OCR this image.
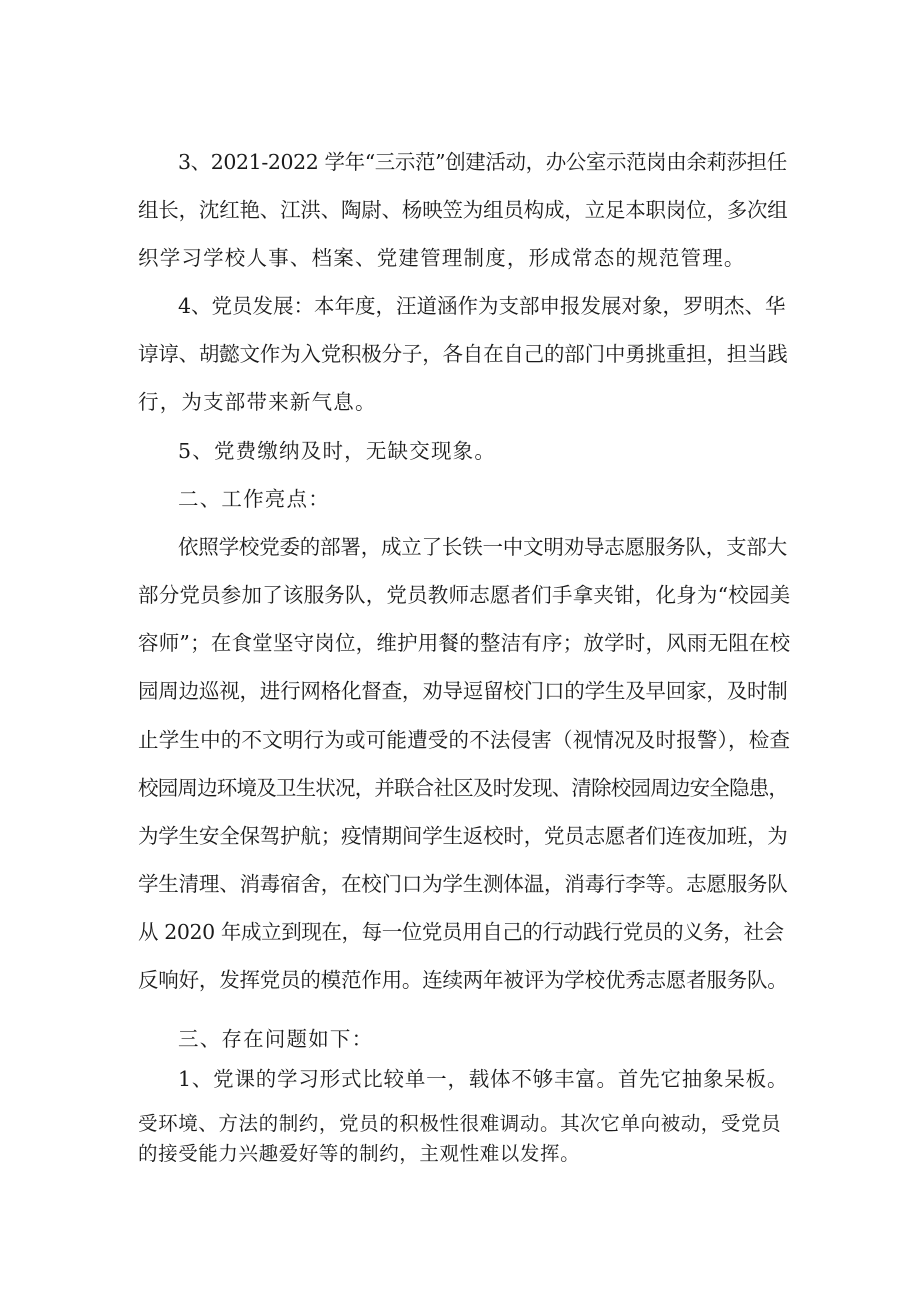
3、2021-2022 学年“三示范”创建活动，办公室示范岗由余莉莎担任
组长，沈红艳、江洪、陶尉、杨映笠为组员构成，立足本职岗位，多次组
织学习学校人事、档案、党建管理制度，形成常态的规范管理。
4、党员发展：本年度，汪道涵作为支部申报发展对象，罗明杰、华
谆谆、胡懿文作为入党积极分子，各自在自己的部门中勇挑重担，担当践
行，为支部带来新气息。
5、党费缴纳及时，无缺交现象。
二、工作亮点：
依照学校党委的部署，成立了长铁一中文明劝导志愿服务队，支部大
部分党员参加了该服务队，党员教师志愿者们手拿夹钳，化身为“校园美
容师”；在食堂坚守岗位，维护用餐的整洁有序；放学时，风雨无阻在校
园周边巡视，进行网格化督查，劝导逗留校门口的学生及早回家，及时制
止学生中的不文明行为或可能遭受的不法侵害（视情况及时报警），检查
校园周边环境及卫生状况，并联合社区及时发现、清除校园周边安全隐患，
为学生安全保驾护航；疫情期间学生返校时，党员志愿者们连夜加班，为
学生清理、消毒宿舍，在校门口为学生测体温，消毒行李等。志愿服务队
从 2020 年成立到现在，每一位党员用自己的行动践行党员的义务，社会
反响好，发挥党员的模范作用。连续两年被评为学校优秀志愿者服务队。
三、存在问题如下：
1、党课的学习形式比较单一，载体不够丰富。首先它抽象呆板。
受环境、方法的制约，党员的积极性很难调动。其次它单向被动，受党员
的接受能力兴趣爱好等的制约，主观性难以发挥。
